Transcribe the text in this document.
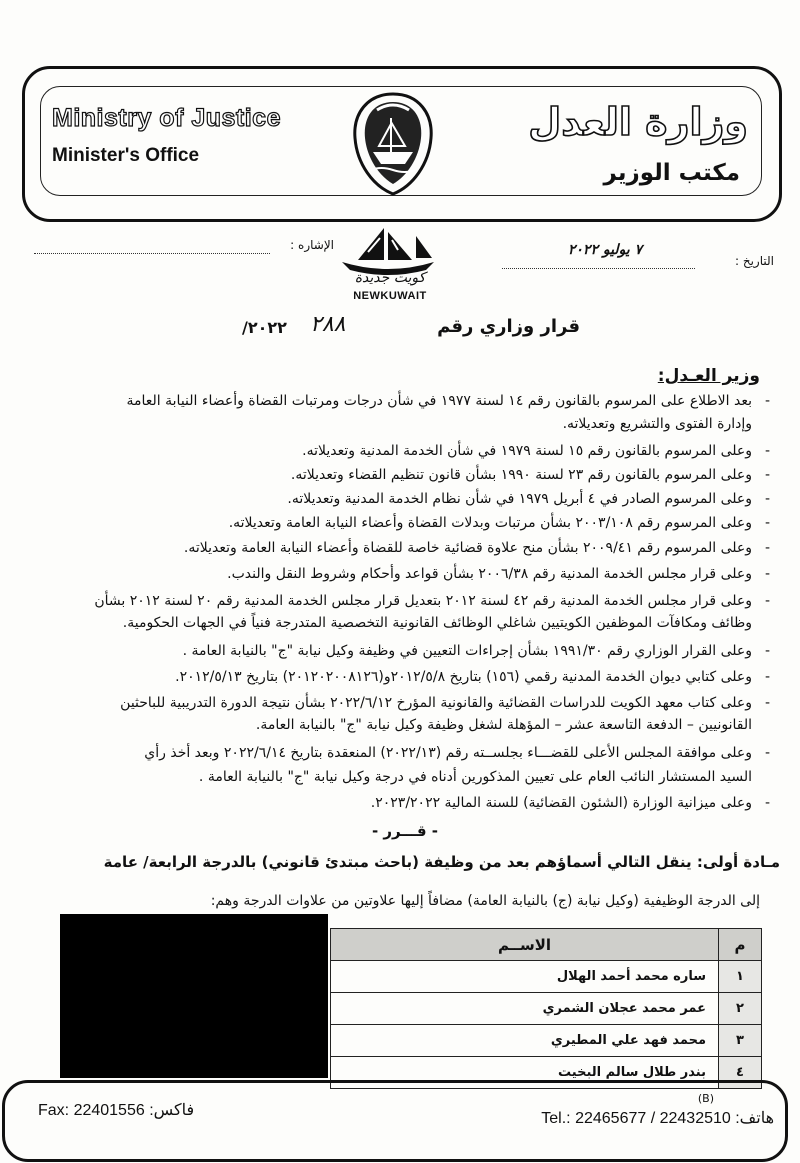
Ministry of Justice
Minister's Office
وزارة العدل
مكتب الوزير
الإشاره :
التاريخ :
٧ يوليو ٢٠٢٢
كويت جديدة
NEWKUWAIT
قرار وزاري رقم
٢٨٨
/٢٠٢٢
وزير العـدل:
-
بعد الاطلاع على المرسوم بالقانون رقم ١٤ لسنة ١٩٧٧ في شأن درجات ومرتبات القضاة وأعضاء النيابة العامة
وإدارة الفتوى والتشريع وتعديلاته.
-
وعلى المرسوم بالقانون رقم ١٥ لسنة ١٩٧٩ في شأن الخدمة المدنية وتعديلاته.
-
وعلى المرسوم بالقانون رقم ٢٣ لسنة ١٩٩٠ بشأن قانون تنظيم القضاء وتعديلاته.
-
وعلى المرسوم الصادر في ٤ أبريل ١٩٧٩ في شأن نظام الخدمة المدنية وتعديلاته.
-
وعلى المرسوم رقم ٢٠٠٣/١٠٨ بشأن مرتبات وبدلات القضاة وأعضاء النيابة العامة وتعديلاته.
-
وعلى المرسوم رقم ٢٠٠٩/٤١ بشأن منح علاوة قضائية خاصة للقضاة وأعضاء النيابة العامة وتعديلاته.
-
وعلى قرار مجلس الخدمة المدنية رقم ٢٠٠٦/٣٨ بشأن قواعد وأحكام وشروط النقل والندب.
-
وعلى قرار مجلس الخدمة المدنية رقم ٤٢ لسنة ٢٠١٢ بتعديل قرار مجلس الخدمة المدنية رقم ٢٠ لسنة ٢٠١٢ بشأن
وظائف ومكافآت الموظفين الكويتيين شاغلي الوظائف القانونية التخصصية المتدرجة فنياً في الجهات الحكومية.
-
وعلى القرار الوزاري رقم ١٩٩١/٣٠ بشأن إجراءات التعيين في وظيفة وكيل نيابة "ج" بالنيابة العامة .
-
وعلى كتابي ديوان الخدمة المدنية رقمي (١٥٦) بتاريخ ٢٠١٢/٥/٨و(٢٠١٢٠٢٠٠٨١٢٦) بتاريخ ٢٠١٢/٥/١٣.
-
وعلى كتاب معهد الكويت للدراسات القضائية والقانونية المؤرخ ٢٠٢٢/٦/١٢ بشأن نتيجة الدورة التدريبية للباحثين
القانونيين – الدفعة التاسعة عشر – المؤهلة لشغل وظيفة وكيل نيابة "ج" بالنيابة العامة.
-
وعلى موافقة المجلس الأعلى للقضـــاء بجلســته رقم (٢٠٢٢/١٣) المنعقدة بتاريخ ٢٠٢٢/٦/١٤ وبعد أخذ رأي
السيد المستشار النائب العام على تعيين المذكورين أدناه في درجة وكيل نيابة "ج" بالنيابة العامة .
-
وعلى ميزانية الوزارة (الشئون القضائية) للسنة المالية ٢٠٢٣/٢٠٢٢.
- قـــرر -
مـادة أولى: ينقل التالي أسماؤهم بعد من وظيفة (باحث مبتدئ قانوني) بالدرجة الرابعة/ عامة
إلى الدرجة الوظيفية (وكيل نيابة (ج) بالنيابة العامة) مضافاً إليها علاوتين من علاوات الدرجة وهم:
الاســم	م
ساره محمد أحمد الهلال	١
عمر محمد عجلان الشمري	٢
محمد فهد علي المطيري	٣
بندر طلال سالم البخيت	٤
Fax: 22401556 :فاكس
(B)
Tel.: 22465677 / 22432510 :هاتف
